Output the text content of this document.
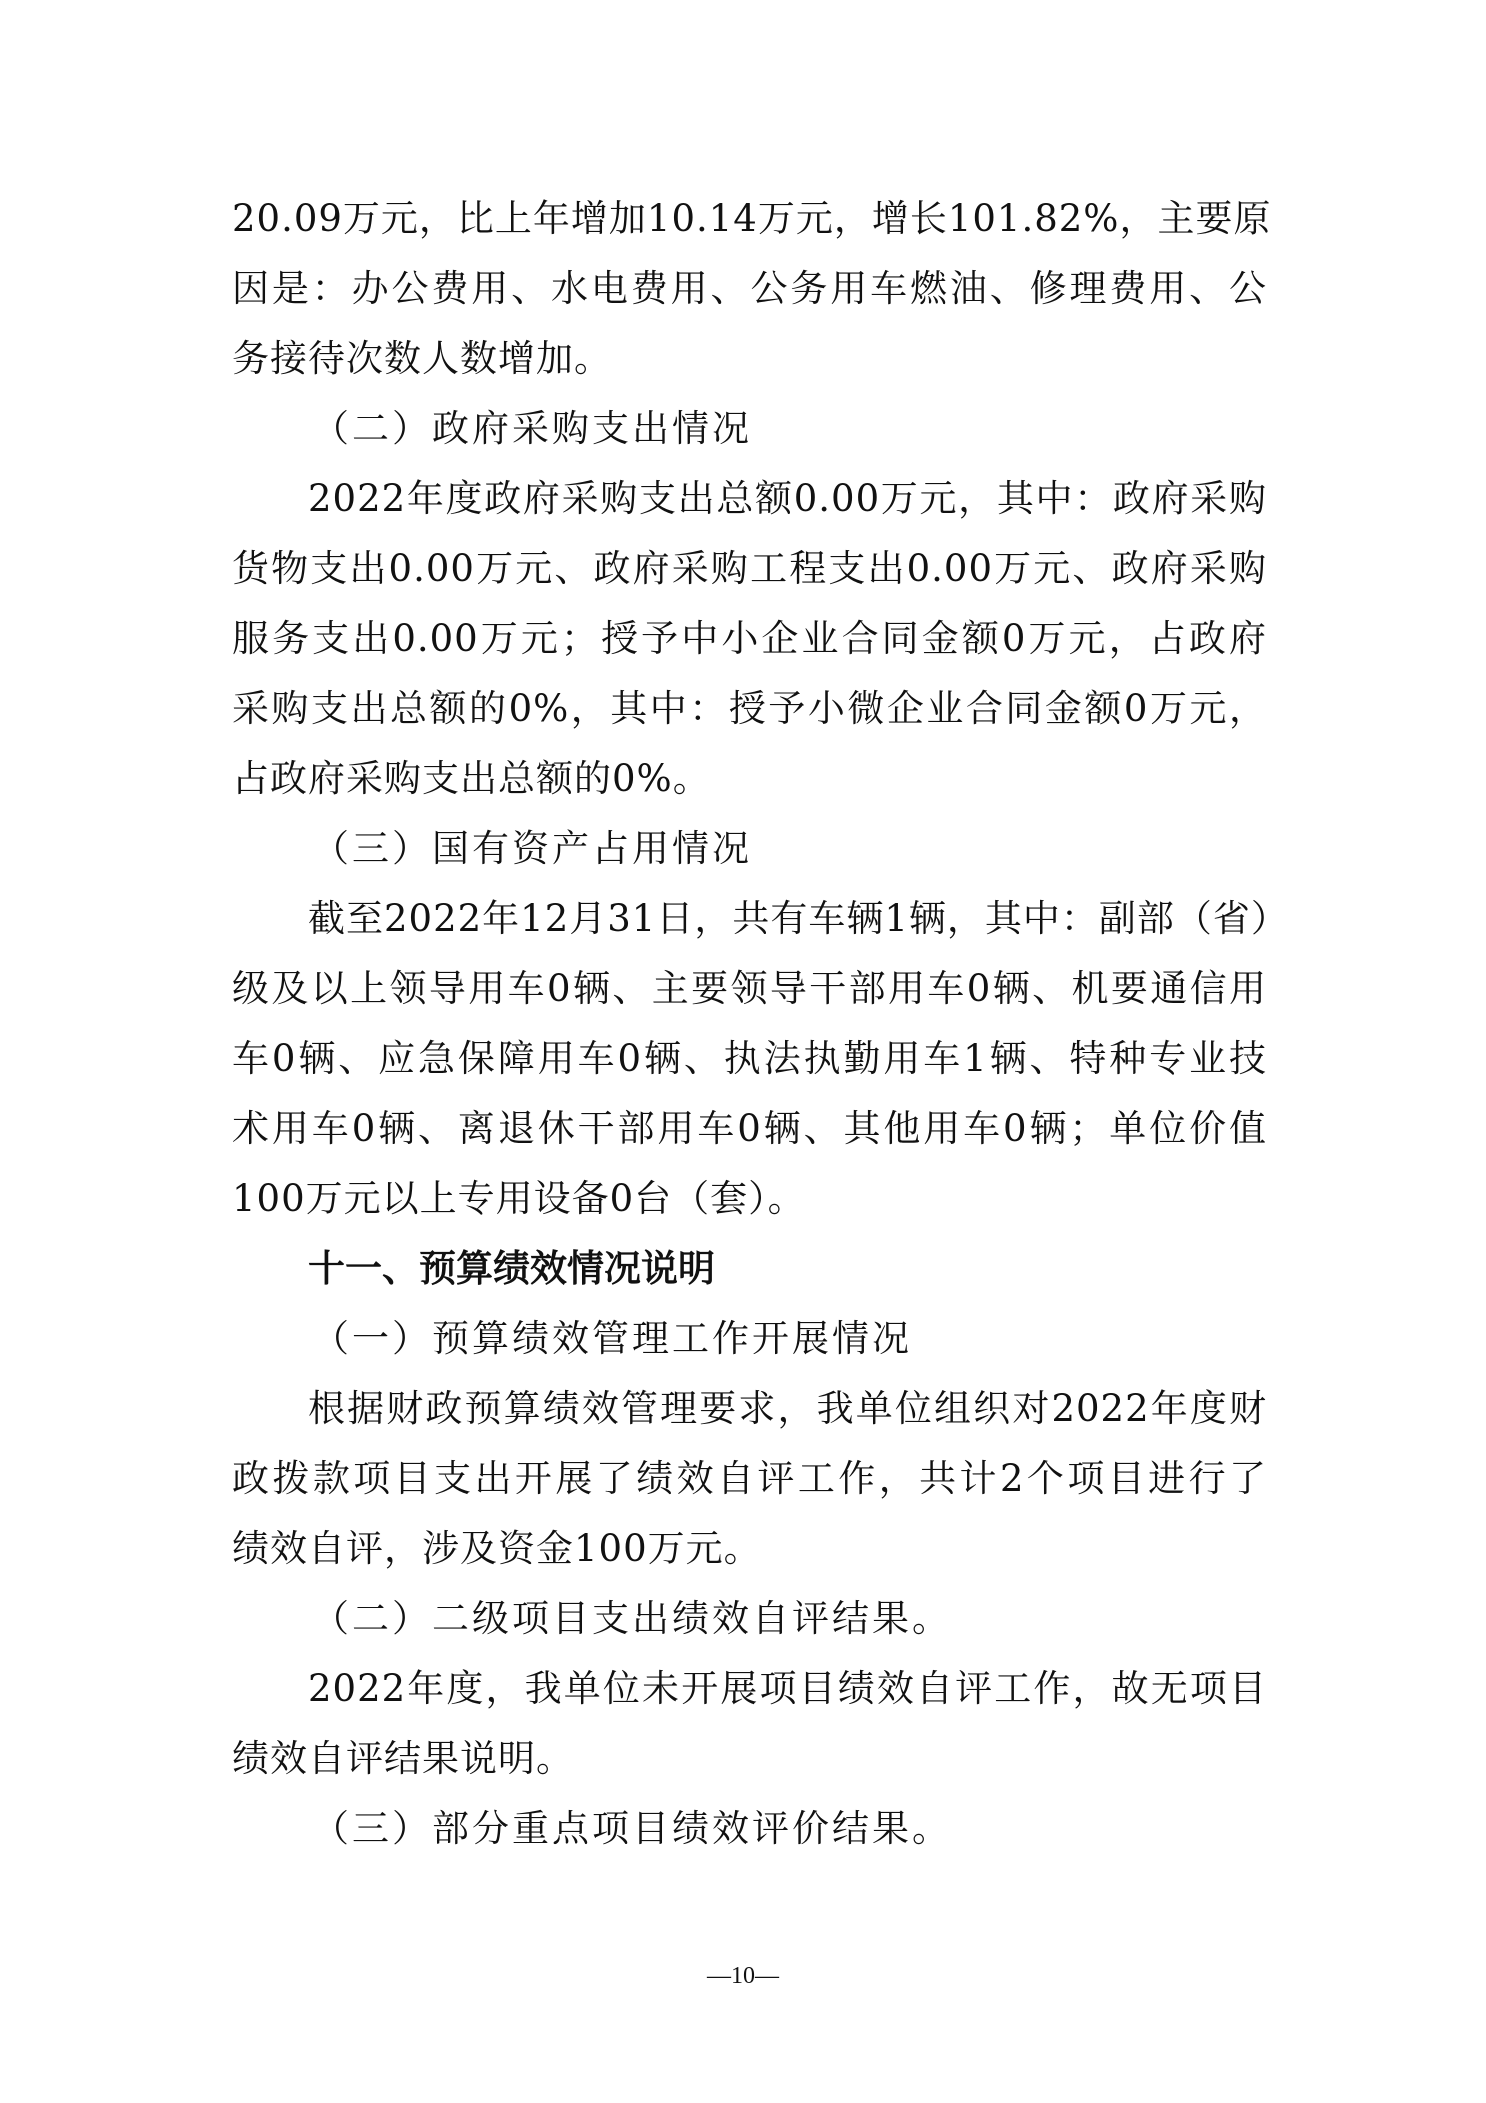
20.09万元，比上年增加10.14万元，增长101.82%，主要原
因是：办公费用、水电费用、公务用车燃油、修理费用、公
务接待次数人数增加。
（二）政府采购支出情况
2022年度政府采购支出总额0.00万元，其中：政府采购
货物支出0.00万元、政府采购工程支出0.00万元、政府采购
服务支出0.00万元；授予中小企业合同金额0万元，占政府
采购支出总额的0%，其中：授予小微企业合同金额0万元，
占政府采购支出总额的0%。
（三）国有资产占用情况
截至2022年12月31日，共有车辆1辆，其中：副部（省）
级及以上领导用车0辆、主要领导干部用车0辆、机要通信用
车0辆、应急保障用车0辆、执法执勤用车1辆、特种专业技
术用车0辆、离退休干部用车0辆、其他用车0辆；单位价值
100万元以上专用设备0台（套）。
十一、预算绩效情况说明
（一）预算绩效管理工作开展情况
根据财政预算绩效管理要求，我单位组织对2022年度财
政拨款项目支出开展了绩效自评工作，共计2个项目进行了
绩效自评，涉及资金100万元。
（二）二级项目支出绩效自评结果。
2022年度，我单位未开展项目绩效自评工作，故无项目
绩效自评结果说明。
（三）部分重点项目绩效评价结果。
—10—
